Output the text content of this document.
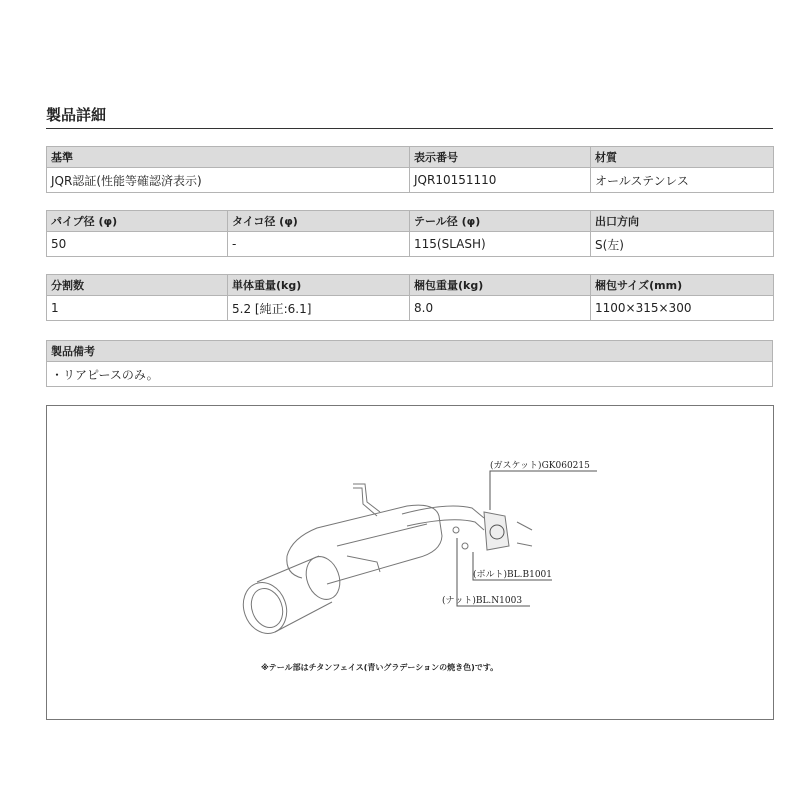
製品詳細
基準	表示番号	材質
JQR認証(性能等確認済表示)	JQR10151110	オールステンレス
パイプ径 (φ)	タイコ径 (φ)	テール径 (φ)	出口方向
50	-	115(SLASH)	S(左)
分割数	単体重量(kg)	梱包重量(kg)	梱包サイズ(mm)
1	5.2 [純正:6.1]	8.0	1100×315×300
製品備考
・リアピースのみ。
(ガスケット)GK060215
(ボルト)BL.B1001
(ナット)BL.N1003
※テール部はチタンフェイス(青いグラデーションの焼き色)です。
